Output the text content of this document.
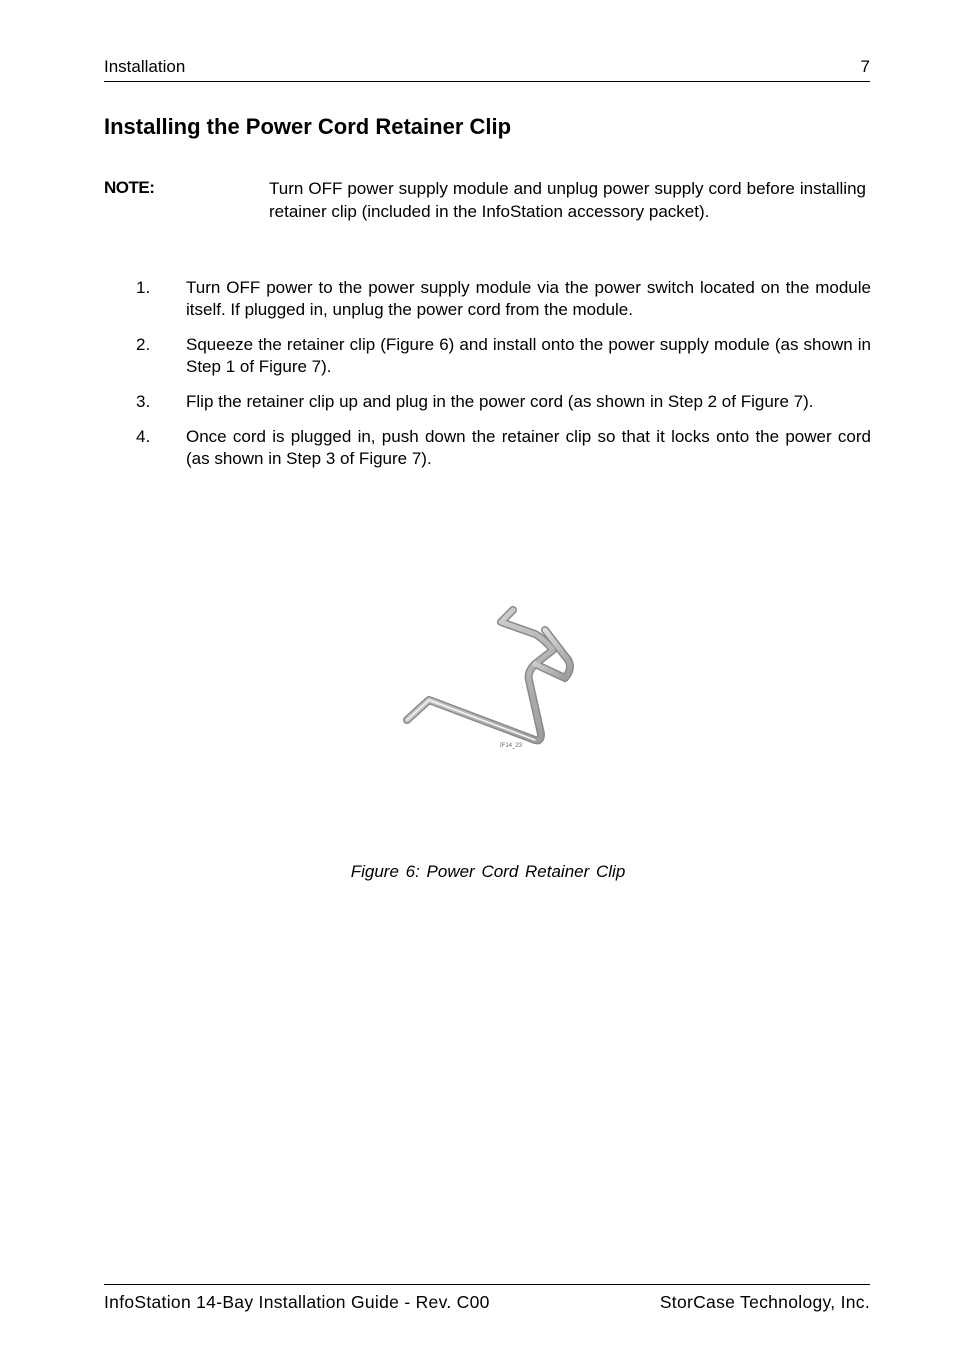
Installation	7
Installing the Power Cord Retainer Clip
NOTE:	Turn OFF power supply module and unplug power supply cord before installing retainer clip (included in the InfoStation accessory packet).
1. Turn OFF power to the power supply module via the power switch located on the module itself. If plugged in, unplug the power cord from the module.
2. Squeeze the retainer clip (Figure 6) and install onto the power supply module (as shown in Step 1 of Figure 7).
3. Flip the retainer clip up and plug in the power cord (as shown in Step 2 of Figure 7).
4. Once cord is plugged in, push down the retainer clip so that it locks onto the power cord (as shown in Step 3 of Figure 7).
IF14_23
Figure 6: Power Cord Retainer Clip
InfoStation 14-Bay Installation Guide - Rev. C00	StorCase Technology, Inc.
